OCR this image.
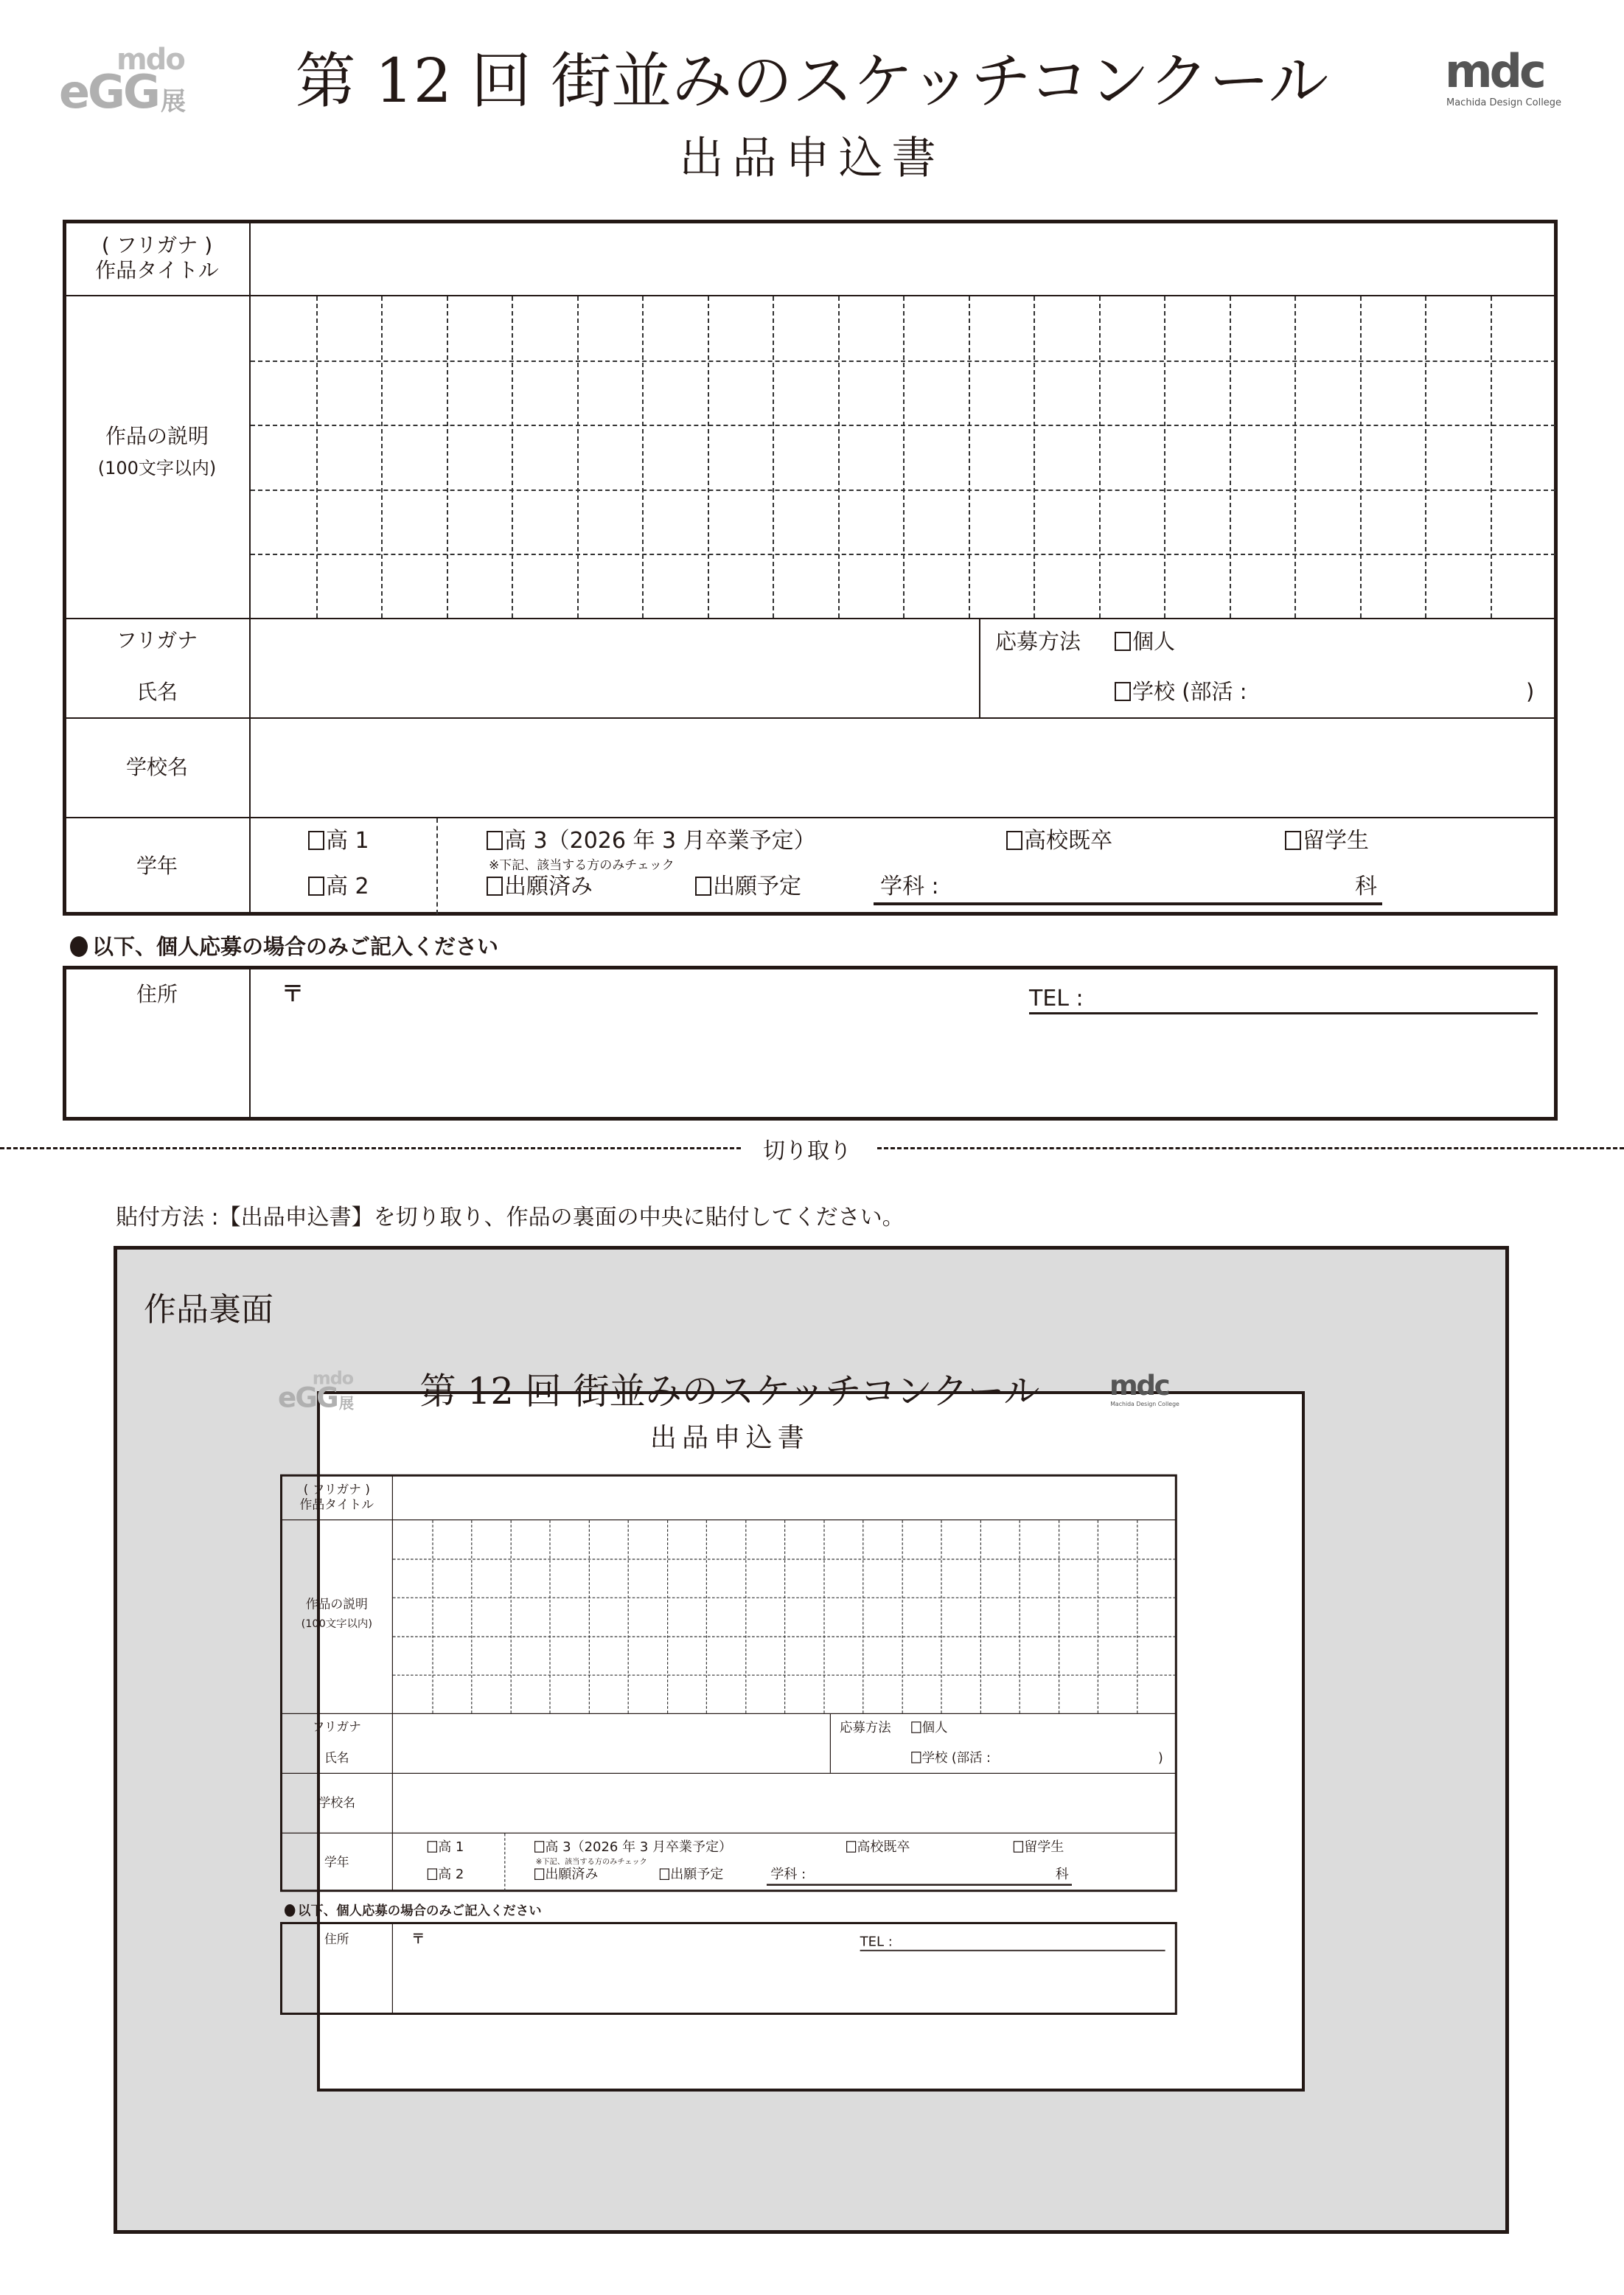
mdo
eGG 展	第 12 回 街並みのスケッチコンクール
出品申込書
mdc
Machida Design College
( フリガナ )
作品タイトル
作品の説明
(100文字以内)
フリガナ
氏名
応募方法	個人
学校 (部活 :	)
学校名
学年
高 1
高 2
高 3（2026 年 3 月卒業予定）
※下記、該当する方のみチェック
出願済み	出願予定
高校既卒	留学生
学科 :	科
以下、個人応募の場合のみご記入ください
住所	〒	TEL :
切り取り
貼付方法 :【出品申込書】を切り取り、作品の裏面の中央に貼付してください。
作品裏面
mdo
eGG 展	第 12 回 街並みのスケッチコンクール
出品申込書
mdc
Machida Design College
( フリガナ )
作品タイトル
作品の説明
(100文字以内)
フリガナ
氏名
応募方法	個人
学校 (部活 :	)
学校名
学年
高 1
高 2
高 3（2026 年 3 月卒業予定）
※下記、該当する方のみチェック
出願済み	出願予定
高校既卒	留学生
学科 :	科
以下、個人応募の場合のみご記入ください
住所	〒	TEL :
